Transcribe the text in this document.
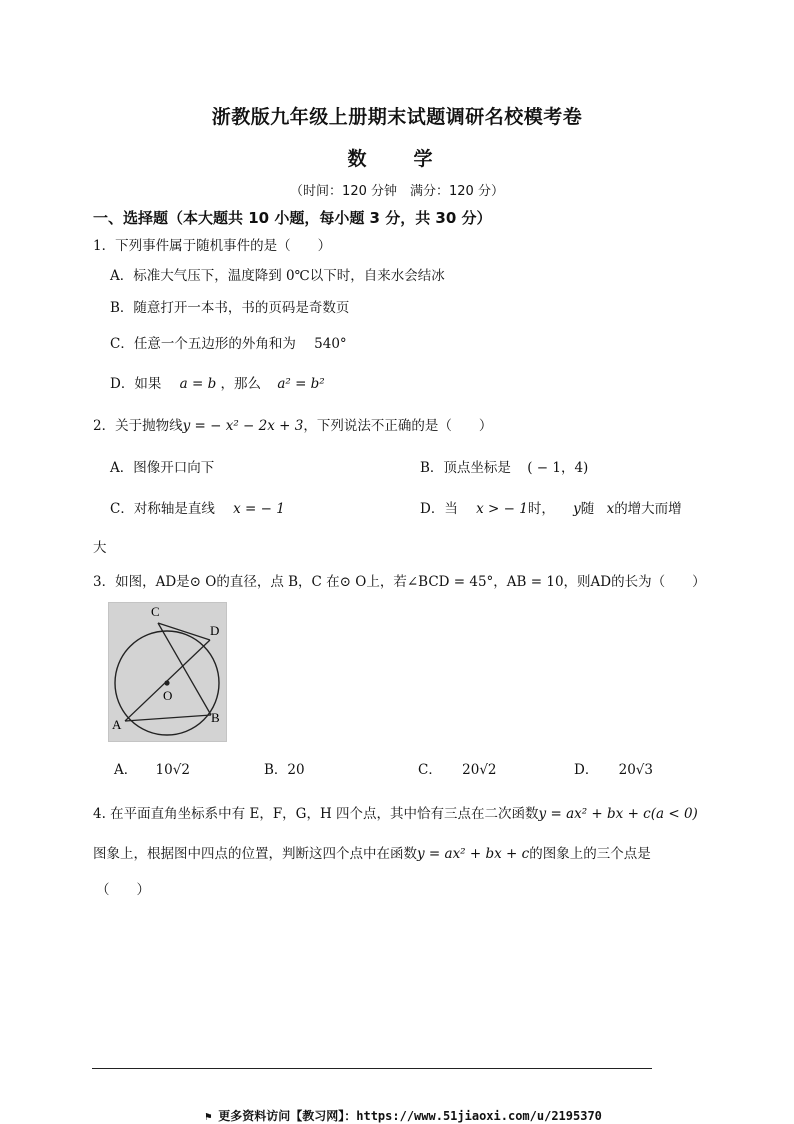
浙教版九年级上册期末试题调研名校模考卷
数　学
（时间：120 分钟　满分：120 分）
一、选择题（本大题共 10 小题，每小题 3 分，共 30 分）
1．下列事件属于随机事件的是（　　）
A．标准大气压下，温度降到 0℃以下时，自来水会结冰
B．随意打开一本书，书的页码是奇数页
C．任意一个五边形的外角和为 540°
D．如果 a = b ，那么 a² = b²
2．关于抛物线y = − x² − 2x + 3，下列说法不正确的是（　　）
A．图像开口向下	B．顶点坐标是 ( − 1，4)
C．对称轴是直线 x = − 1	D．当 x > − 1时， y随 x的增大而增
大
3．如图，AD是⊙ O的直径，点 B，C 在⊙ O上，若∠BCD = 45°，AB = 10，则AD的长为（　　）
C
D
O
A	B
A． 10√2	B．20	C． 20√2	D． 20√3
4. 在平面直角坐标系中有 E，F，G，H 四个点，其中恰有三点在二次函数y = ax² + bx + c(a < 0)
图象上，根据图中四点的位置，判断这四个点中在函数y = ax² + bx + c的图象上的三个点是
（　　）
⚑ 更多资料访问【教习网】：https://www.51jiaoxi.com/u/2195370
